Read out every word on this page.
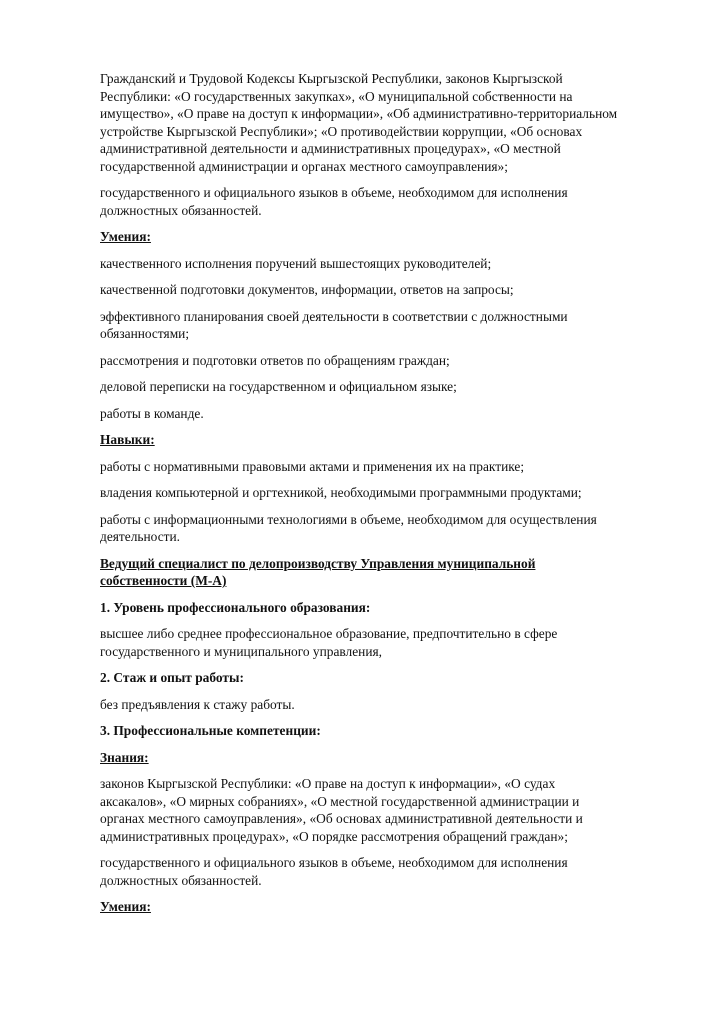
Гражданский и Трудовой Кодексы Кыргызской Республики, законов Кыргызской
Республики: «О государственных закупках», «О муниципальной собственности на
имущество», «О праве на доступ к информации», «Об административно-территориальном
устройстве Кыргызской Республики»; «О противодействии коррупции, «Об основах
административной деятельности и административных процедурах», «О местной
государственной администрации и органах местного самоуправления»;
государственного и официального языков в объеме, необходимом для исполнения
должностных обязанностей.
Умения:
качественного исполнения поручений вышестоящих руководителей;
качественной подготовки документов, информации, ответов на запросы;
эффективного планирования своей деятельности в соответствии с должностными
обязанностями;
рассмотрения и подготовки ответов по обращениям граждан;
деловой переписки на государственном и официальном языке;
работы в команде.
Навыки:
работы с нормативными правовыми актами и применения их на практике;
владения компьютерной и оргтехникой, необходимыми программными продуктами;
работы с информационными технологиями в объеме, необходимом для осуществления
деятельности.
Ведущий специалист по делопроизводству Управления муниципальной
собственности (М-А)
1. Уровень профессионального образования:
высшее либо среднее профессиональное образование, предпочтительно в сфере
государственного и муниципального управления,
2. Стаж и опыт работы:
без предъявления к стажу работы.
3. Профессиональные компетенции:
Знания:
законов Кыргызской Республики: «О праве на доступ к информации», «О судах
аксакалов», «О мирных собраниях», «О местной государственной администрации и
органах местного самоуправления», «Об основах административной деятельности и
административных процедурах», «О порядке рассмотрения обращений граждан»;
государственного и официального языков в объеме, необходимом для исполнения
должностных обязанностей.
Умения:
